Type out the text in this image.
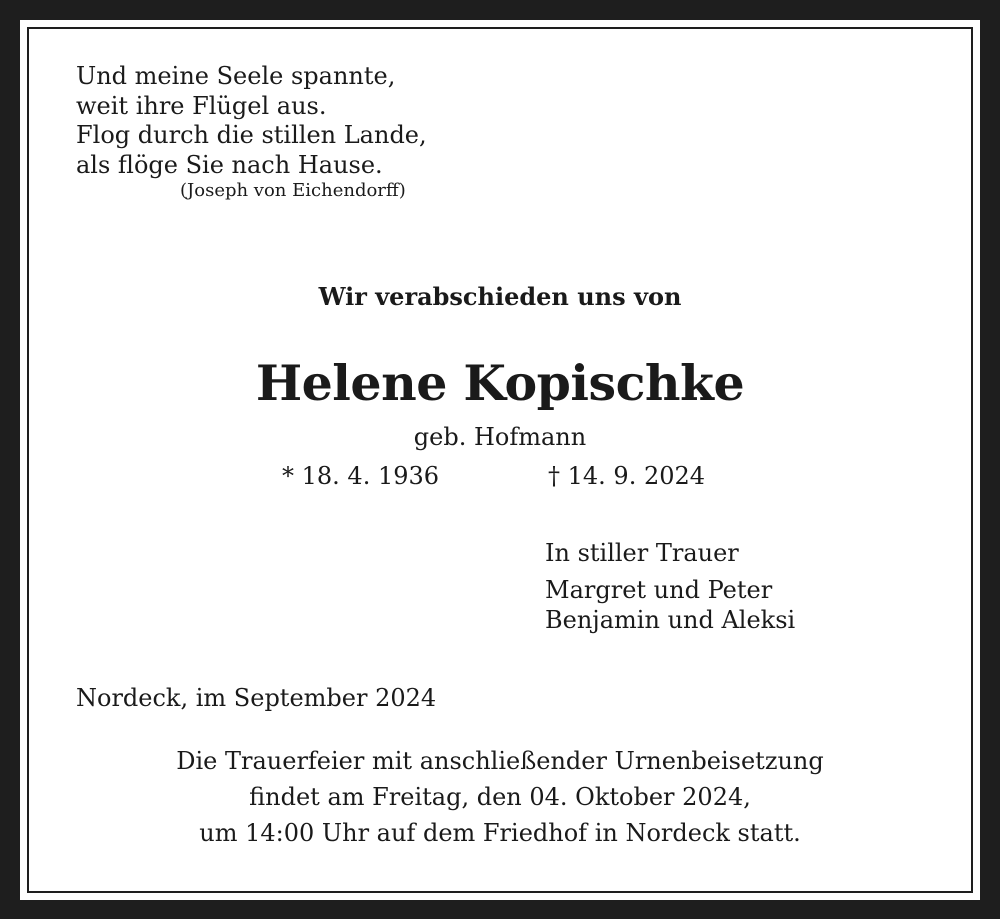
Und meine Seele spannte,
weit ihre Flügel aus.
Flog durch die stillen Lande,
als flöge Sie nach Hause.
(Joseph von Eichendorff)
Wir verabschieden uns von
Helene Kopischke
geb. Hofmann
* 18. 4. 1936	† 14. 9. 2024
In stiller Trauer
Margret und Peter
Benjamin und Aleksi
Nordeck, im September 2024
Die Trauerfeier mit anschließender Urnenbeisetzung
findet am Freitag, den 04. Oktober 2024,
um 14:00 Uhr auf dem Friedhof in Nordeck statt.
